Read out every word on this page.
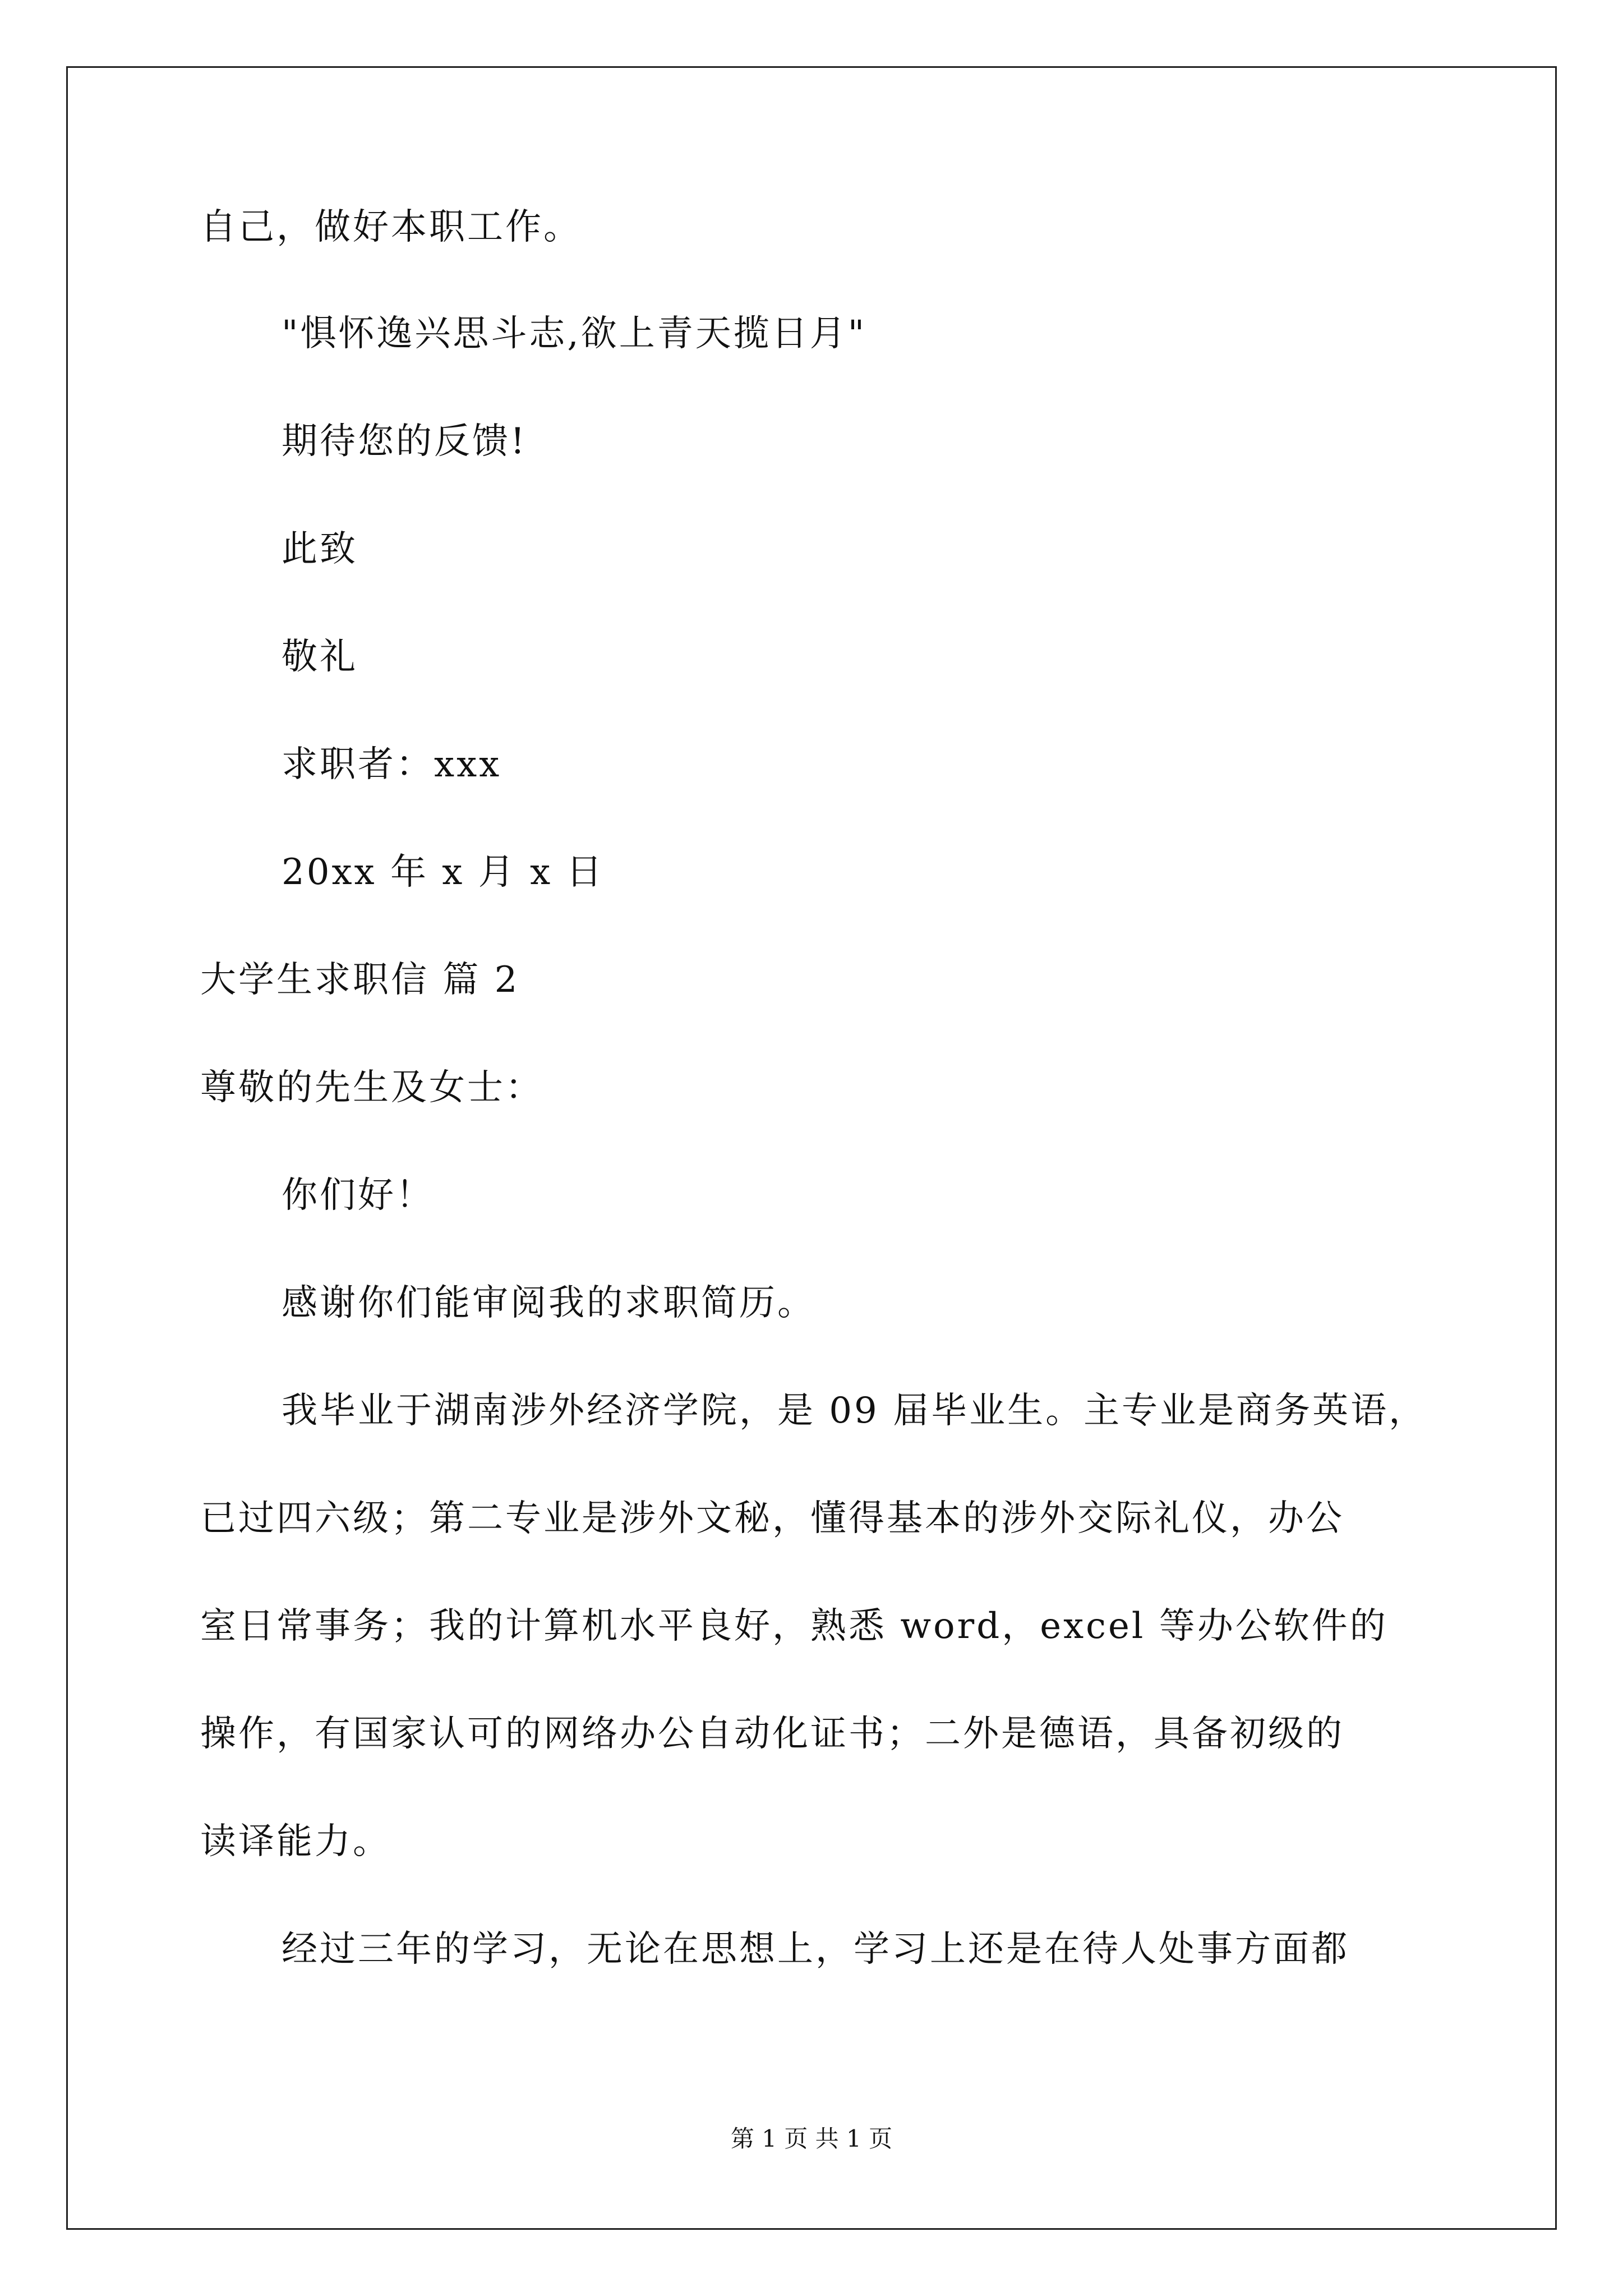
自己，做好本职工作。
"惧怀逸兴思斗志,欲上青天揽日月"
期待您的反馈!
此致
敬礼
求职者：xxx
20xx 年 x 月 x 日
大学生求职信 篇 2
尊敬的先生及女士：
你们好！
感谢你们能审阅我的求职简历。
我毕业于湖南涉外经济学院，是 09 届毕业生。主专业是商务英语，
已过四六级；第二专业是涉外文秘，懂得基本的涉外交际礼仪，办公
室日常事务；我的计算机水平良好，熟悉 word，excel 等办公软件的
操作，有国家认可的网络办公自动化证书；二外是德语，具备初级的
读译能力。
经过三年的学习，无论在思想上，学习上还是在待人处事方面都
第 1 页 共 1 页
